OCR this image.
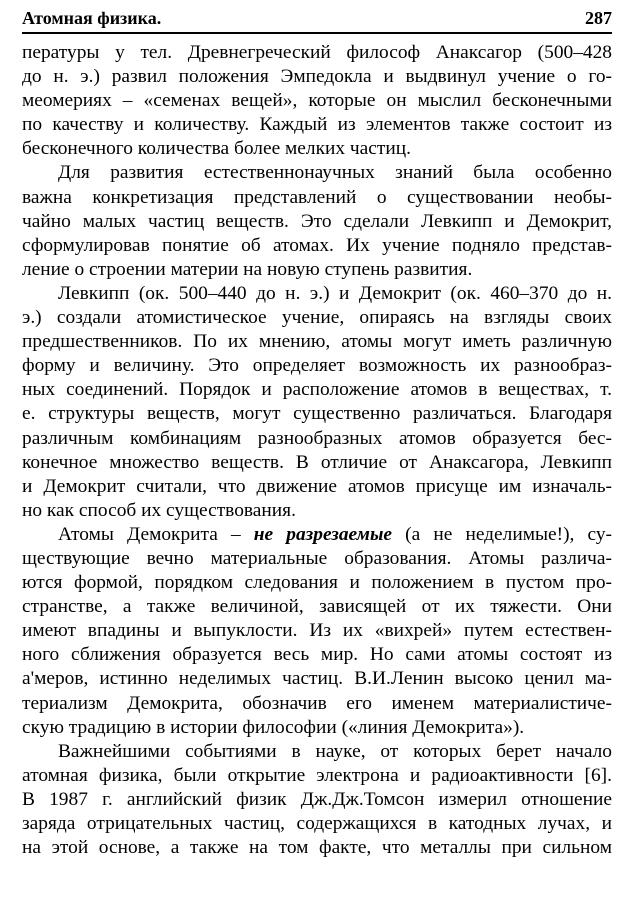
Атомная физика.	287
пературы у тел. Древнегреческий философ Анаксагор (500–428
до н. э.) развил положения Эмпедокла и выдвинул учение о го-
меомериях – «семенах вещей», которые он мыслил бесконечными
по качеству и количеству. Каждый из элементов также состоит из
бесконечного количества более мелких частиц.
Для развития естественнонаучных знаний была особенно
важна конкретизация представлений о существовании необы-
чайно малых частиц веществ. Это сделали Левкипп и Демокрит,
сформулировав понятие об атомах. Их учение подняло представ-
ление о строении материи на новую ступень развития.
Левкипп (ок. 500–440 до н. э.) и Демокрит (ок. 460–370 до н.
э.) создали атомистическое учение, опираясь на взгляды своих
предшественников. По их мнению, атомы могут иметь различную
форму и величину. Это определяет возможность их разнообраз-
ных соединений. Порядок и расположение атомов в веществах, т.
е. структуры веществ, могут существенно различаться. Благодаря
различным комбинациям разнообразных атомов образуется бес-
конечное множество веществ. В отличие от Анаксагора, Левкипп
и Демокрит считали, что движение атомов присуще им изначаль-
но как способ их существования.
Атомы Демокрита – не разрезаемые (а не неделимые!), су-
ществующие вечно материальные образования. Атомы различа-
ются формой, порядком следования и положением в пустом про-
странстве, а также величиной, зависящей от их тяжести. Они
имеют впадины и выпуклости. Из их «вихрей» путем естествен-
ного сближения образуется весь мир. Но сами атомы состоят из
а'меров, истинно неделимых частиц. В.И.Ленин высоко ценил ма-
териализм Демокрита, обозначив его именем материалистиче-
скую традицию в истории философии («линия Демокрита»).
Важнейшими событиями в науке, от которых берет начало
атомная физика, были открытие электрона и радиоактивности [6].
В 1987 г. английский физик Дж.Дж.Томсон измерил отношение
заряда отрицательных частиц, содержащихся в катодных лучах, и
на этой основе, а также на том факте, что металлы при сильном
